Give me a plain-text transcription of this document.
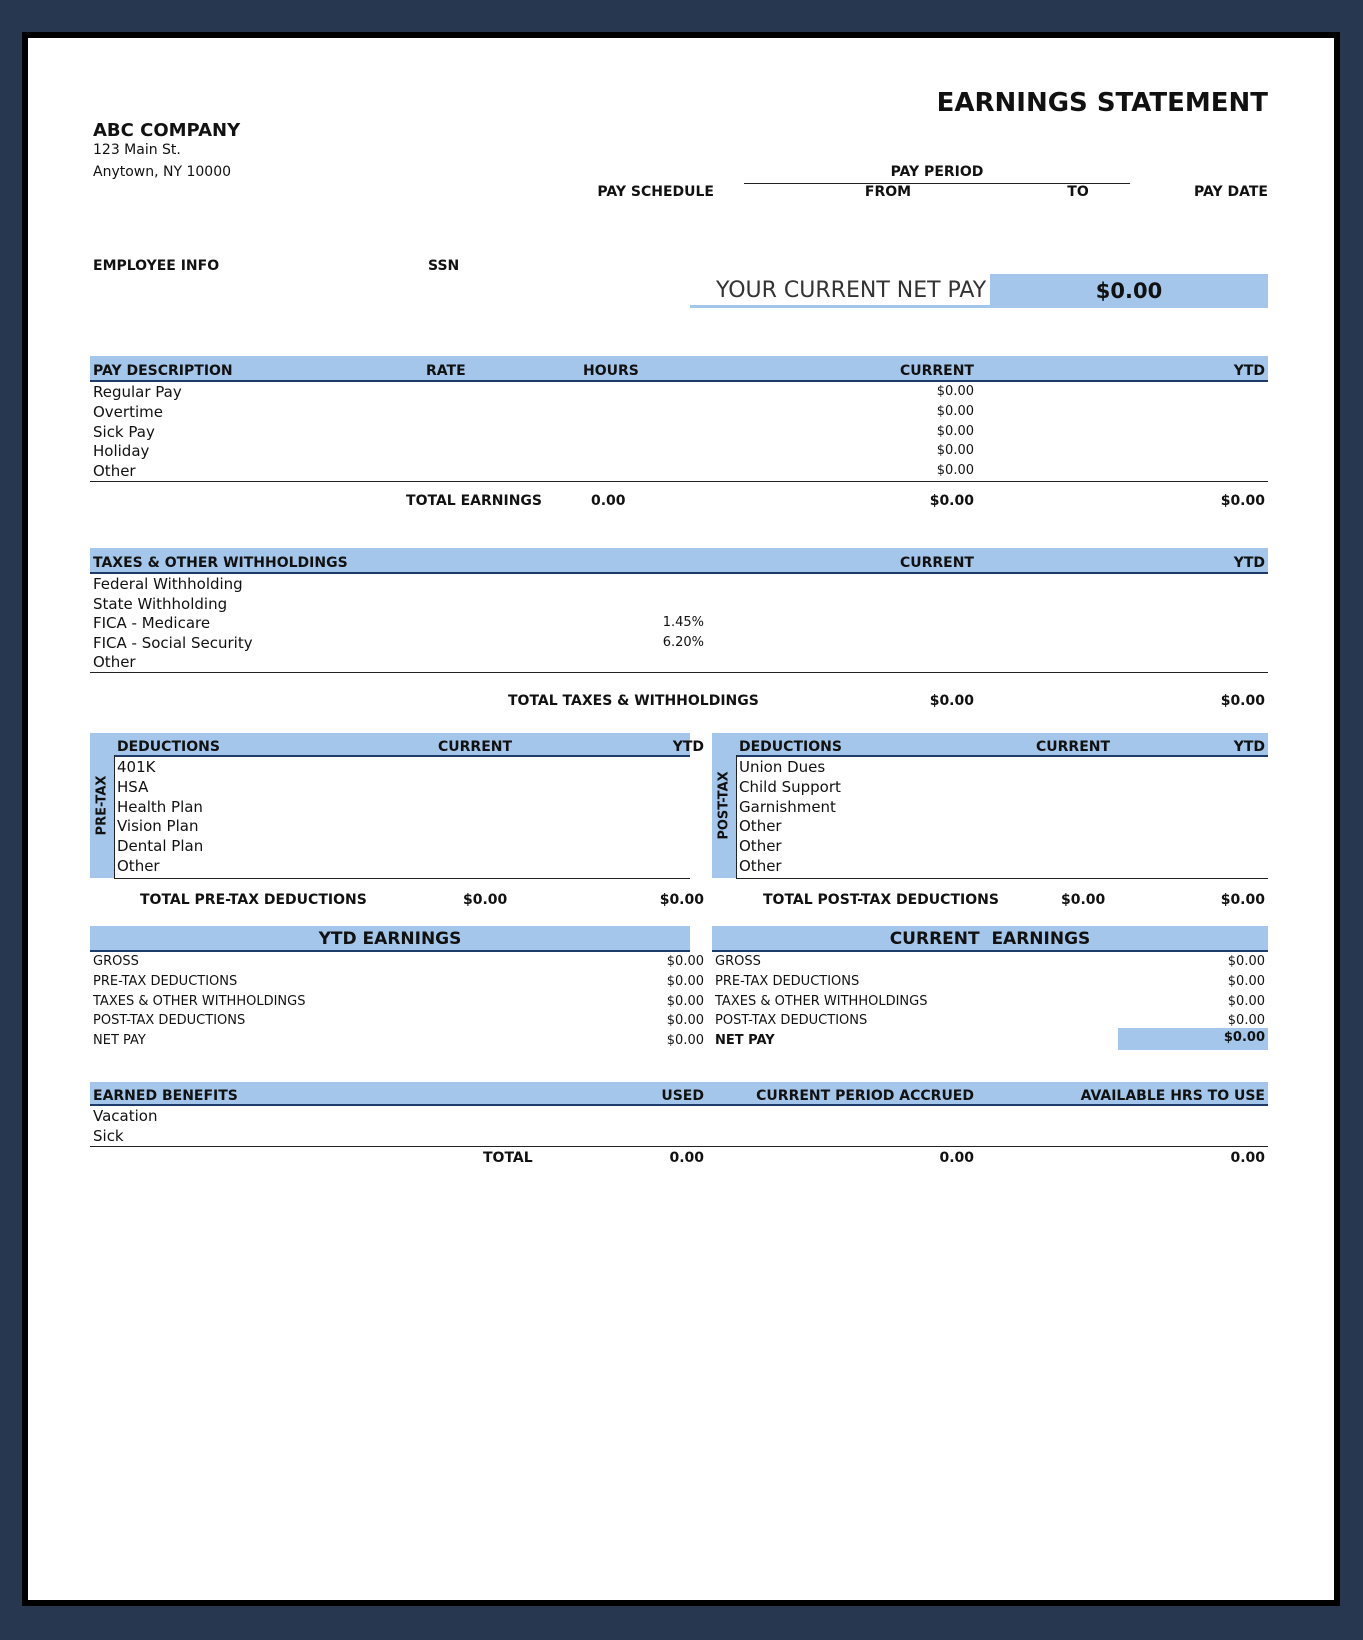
EARNINGS STATEMENT
ABC COMPANY
123 Main St.
Anytown, NY 10000
PAY SCHEDULE
PAY PERIOD
FROM	TO	PAY DATE
EMPLOYEE INFO	SSN
YOUR CURRENT NET PAY	$0.00
PAY DESCRIPTION	RATE	HOURS	CURRENT	YTD
Regular Pay	$0.00
Overtime	$0.00
Sick Pay	$0.00
Holiday	$0.00
Other	$0.00
TOTAL EARNINGS	0.00	$0.00	$0.00
TAXES & OTHER WITHHOLDINGS	CURRENT	YTD
Federal Withholding
State Withholding
FICA - Medicare	1.45%
FICA - Social Security	6.20%
Other
TOTAL TAXES & WITHHOLDINGS	$0.00	$0.00
PRE-TAX
DEDUCTIONS	CURRENT	YTD
401K
HSA
Health Plan
Vision Plan
Dental Plan
Other
TOTAL PRE-TAX DEDUCTIONS	$0.00	$0.00
POST-TAX
DEDUCTIONS	CURRENT	YTD
Union Dues
Child Support
Garnishment
Other
Other
Other
TOTAL POST-TAX DEDUCTIONS	$0.00	$0.00
YTD EARNINGS
GROSS	$0.00
PRE-TAX DEDUCTIONS	$0.00
TAXES & OTHER WITHHOLDINGS	$0.00
POST-TAX DEDUCTIONS	$0.00
NET PAY	$0.00
CURRENT  EARNINGS
GROSS	$0.00
PRE-TAX DEDUCTIONS	$0.00
TAXES & OTHER WITHHOLDINGS	$0.00
POST-TAX DEDUCTIONS	$0.00
NET PAY	$0.00
EARNED BENEFITS	USED	CURRENT PERIOD ACCRUED	AVAILABLE HRS TO USE
Vacation
Sick
TOTAL	0.00	0.00	0.00
